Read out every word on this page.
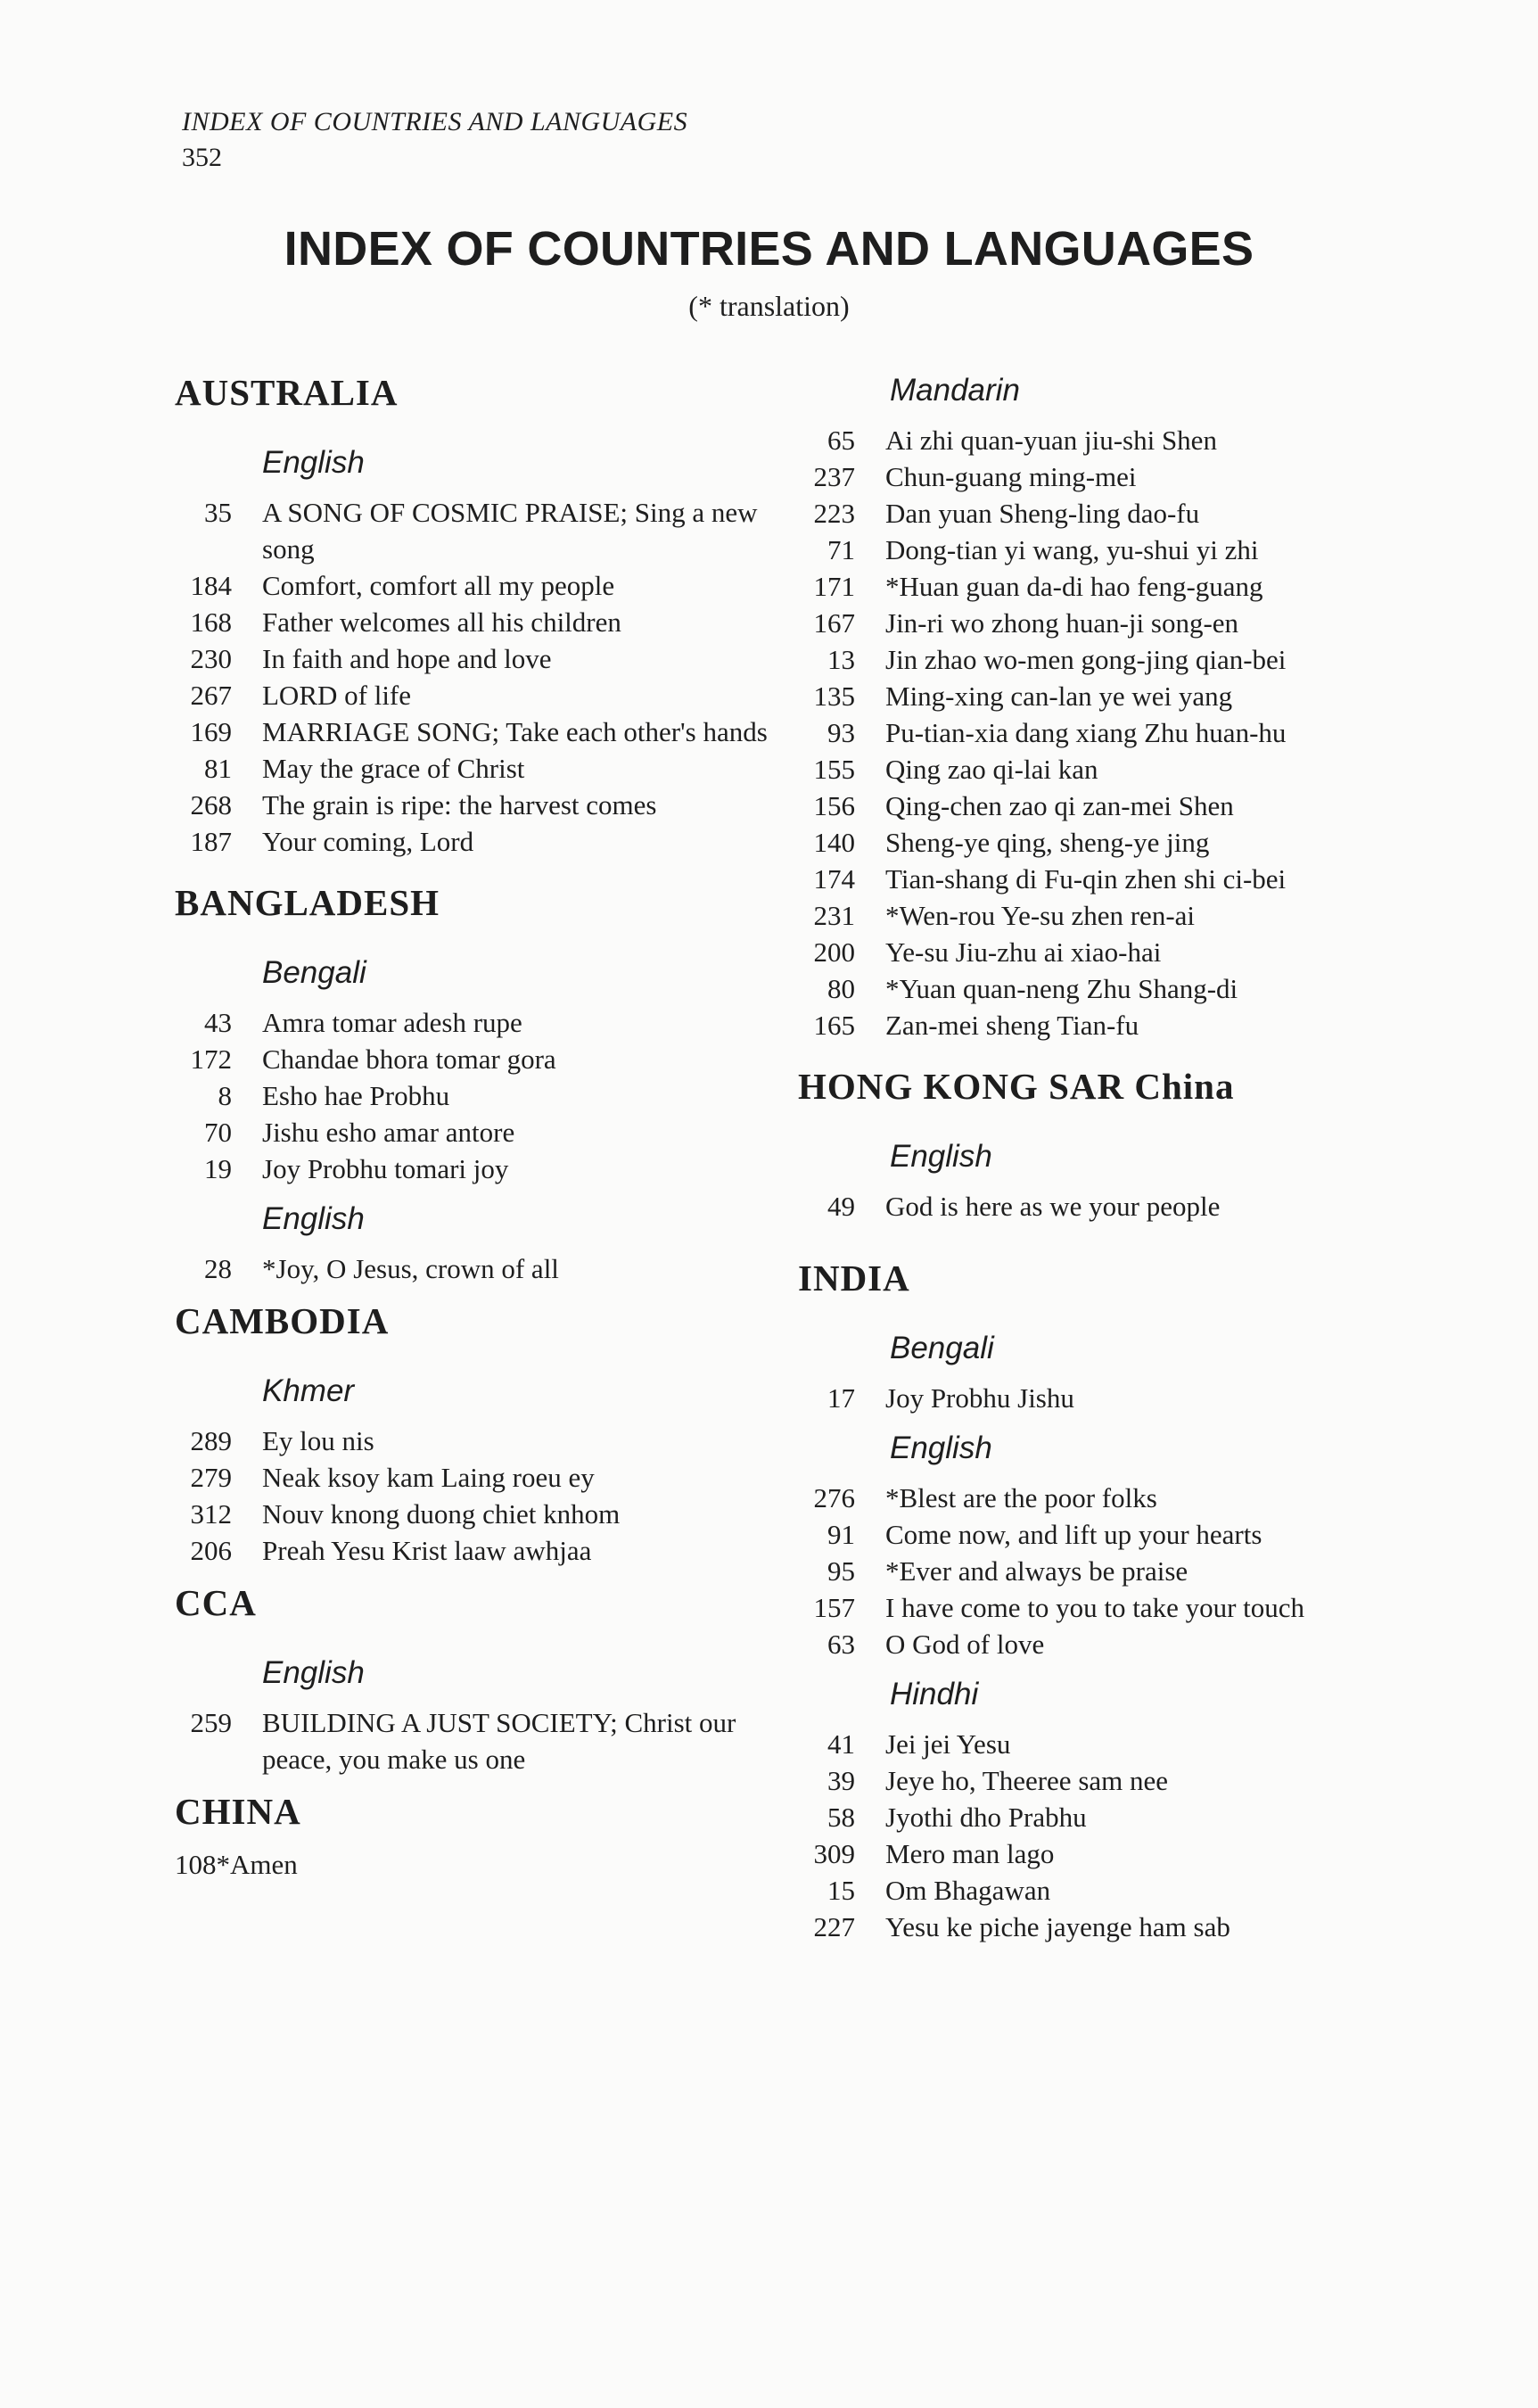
INDEX OF COUNTRIES AND LANGUAGES
352
INDEX OF COUNTRIES AND LANGUAGES
(* translation)
AUSTRALIA
English
35 A SONG OF COSMIC PRAISE; Sing a new song
184 Comfort, comfort all my people
168 Father welcomes all his children
230 In faith and hope and love
267 LORD of life
169 MARRIAGE SONG; Take each other's hands
81 May the grace of Christ
268 The grain is ripe: the harvest comes
187 Your coming, Lord
BANGLADESH
Bengali
43 Amra tomar adesh rupe
172 Chandae bhora tomar gora
8 Esho hae Probhu
70 Jishu esho amar antore
19 Joy Probhu tomari joy
English
28 *Joy, O Jesus, crown of all
CAMBODIA
Khmer
289 Ey lou nis
279 Neak ksoy kam Laing roeu ey
312 Nouv knong duong chiet knhom
206 Preah Yesu Krist laaw awhjaa
CCA
English
259 BUILDING A JUST SOCIETY; Christ our peace, you make us one
CHINA
108*Amen
Mandarin
65 Ai zhi quan-yuan jiu-shi Shen
237 Chun-guang ming-mei
223 Dan yuan Sheng-ling dao-fu
71 Dong-tian yi wang, yu-shui yi zhi
171 *Huan guan da-di hao feng-guang
167 Jin-ri wo zhong huan-ji song-en
13 Jin zhao wo-men gong-jing qian-bei
135 Ming-xing can-lan ye wei yang
93 Pu-tian-xia dang xiang Zhu huan-hu
155 Qing zao qi-lai kan
156 Qing-chen zao qi zan-mei Shen
140 Sheng-ye qing, sheng-ye jing
174 Tian-shang di Fu-qin zhen shi ci-bei
231 *Wen-rou Ye-su zhen ren-ai
200 Ye-su Jiu-zhu ai xiao-hai
80 *Yuan quan-neng Zhu Shang-di
165 Zan-mei sheng Tian-fu
HONG KONG SAR China
English
49 God is here as we your people
INDIA
Bengali
17 Joy Probhu Jishu
English
276 *Blest are the poor folks
91 Come now, and lift up your hearts
95 *Ever and always be praise
157 I have come to you to take your touch
63 O God of love
Hindhi
41 Jei jei Yesu
39 Jeye ho, Theeree sam nee
58 Jyothi dho Prabhu
309 Mero man lago
15 Om Bhagawan
227 Yesu ke piche jayenge ham sab
